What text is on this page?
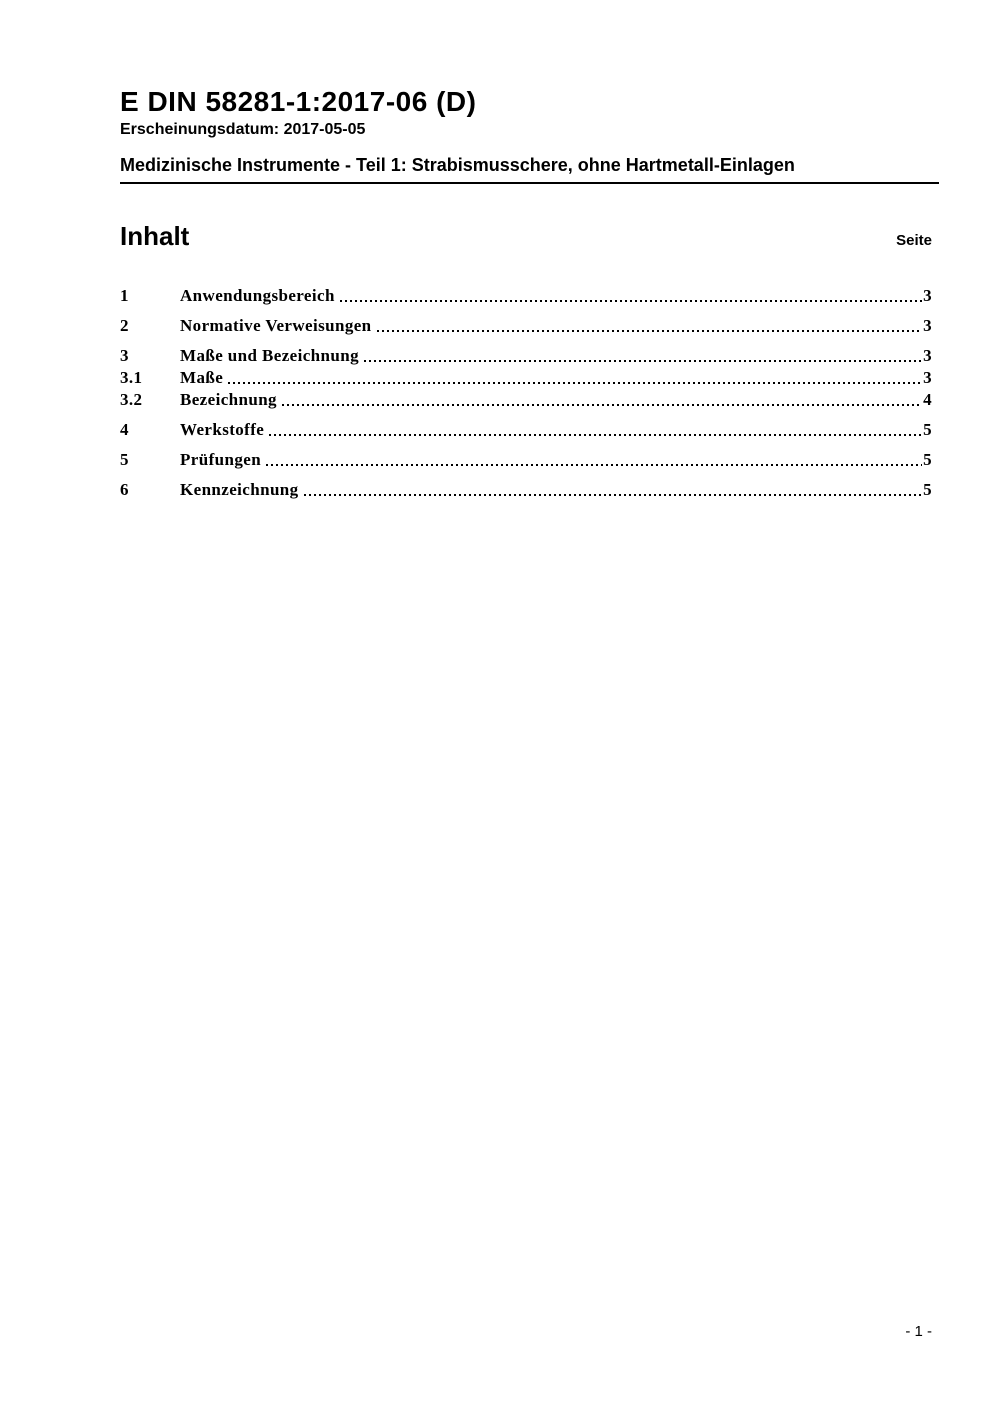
E DIN 58281-1:2017-06 (D)
Erscheinungsdatum: 2017-05-05
Medizinische Instrumente - Teil 1: Strabismusschere, ohne Hartmetall-Einlagen
Inhalt	Seite
1	Anwendungsbereich	3
2	Normative Verweisungen	3
3	Maße und Bezeichnung	3
3.1	Maße	3
3.2	Bezeichnung	4
4	Werkstoffe	5
5	Prüfungen	5
6	Kennzeichnung	5
- 1 -
